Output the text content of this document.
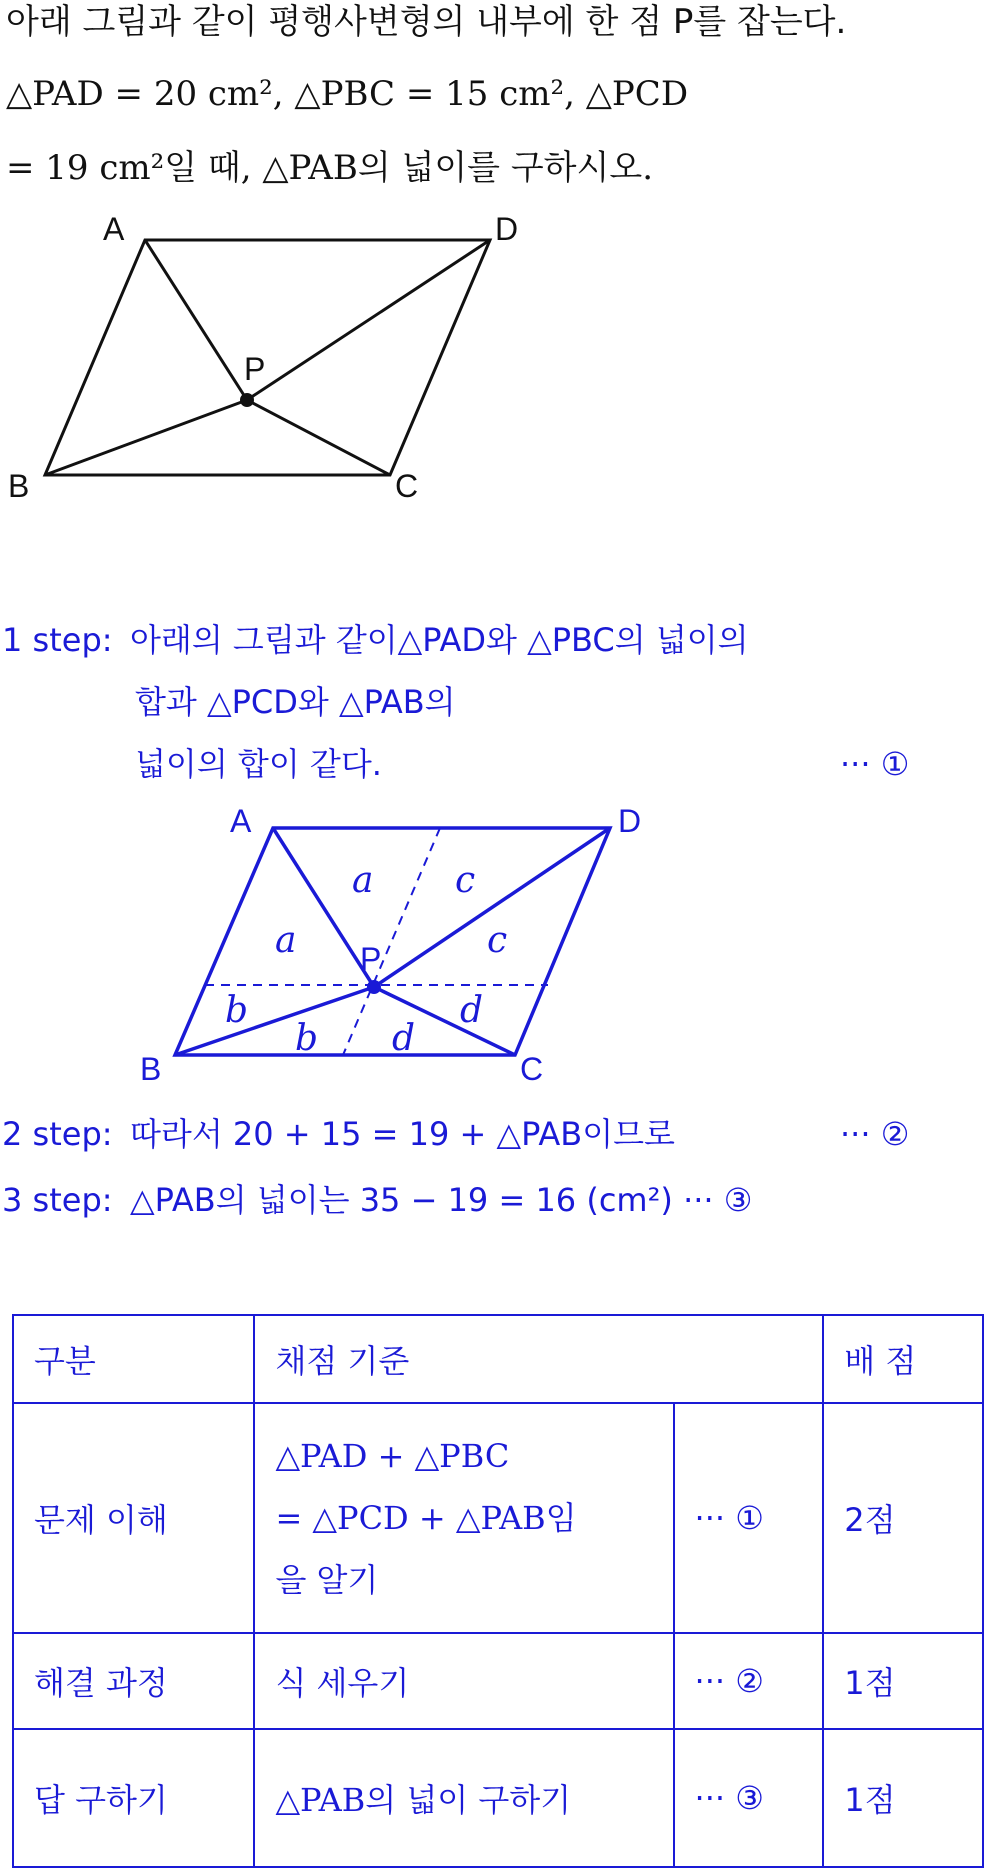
아래 그림과 같이 평행사변형의 내부에 한 점 P를 잡는다.
△PAD = 20 cm², △PBC = 15 cm², △PCD
= 19 cm²일 때, △PAB의 넓이를 구하시오.
A	D
P
B	C
1 step: 아래의 그림과 같이△PAD와 △PBC의 넓이의
합과 △PCD와 △PAB의
넓이의 합이 같다.	··· ①
A	D
P
B	C
a
a
c
c
b
b
d
d
2 step: 따라서 20 + 15 = 19 + △PAB이므로	··· ②
3 step: △PAB의 넓이는 35 − 19 = 16 (cm²) ··· ③
구분	채점 기준		배 점
문제 이해	△PAD + △PBC
= △PCD + △PAB임
을 알기	··· ①	2점
해결 과정	식 세우기	··· ②	1점
답 구하기	△PAB의 넓이 구하기	··· ③	1점
